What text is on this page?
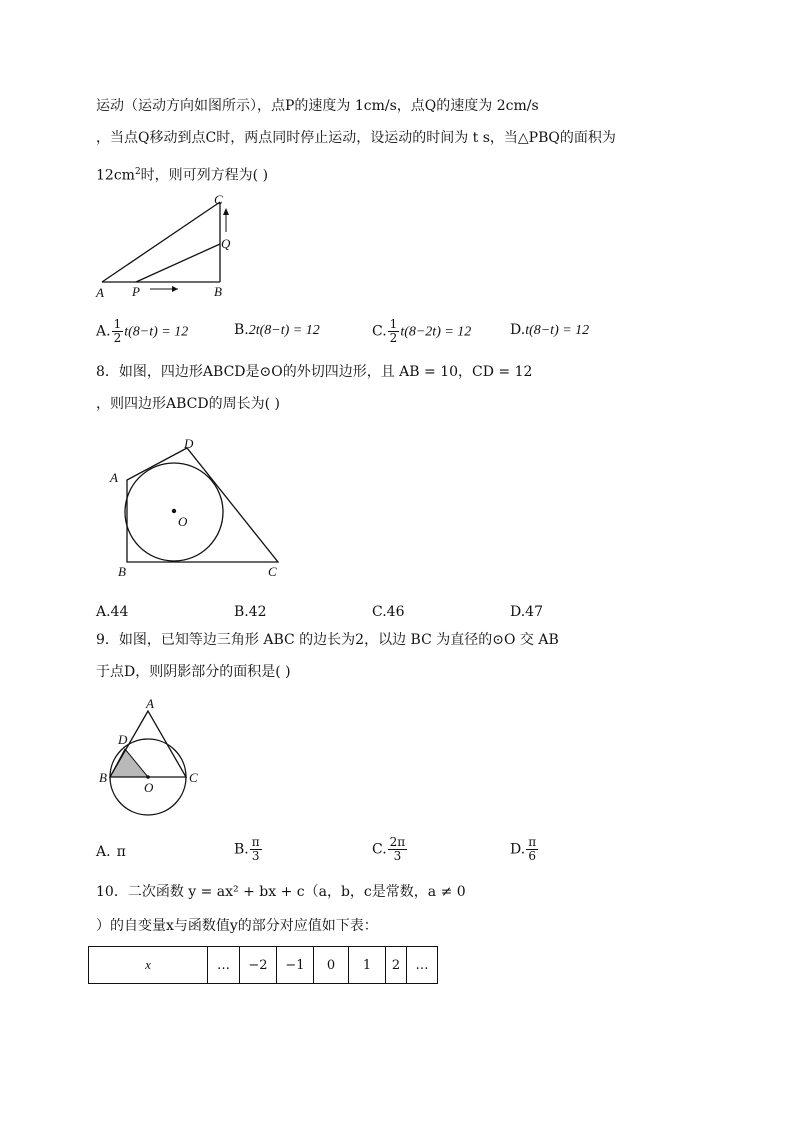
运动（运动方向如图所示），点P的速度为 1cm/s，点Q的速度为 2cm/s
，当点Q移动到点C时，两点同时停止运动，设运动的时间为 t s，当△PBQ的面积为
$12cm^2$时，则可列方程为( )
A P	B
Q
C
A. $\frac{1}{2} t(8-t) = 12$	B.2t(8−t) = 12	C. $\frac{1}{2} t(8-2t) = 12$	D.t(8−t) = 12
8．如图，四边形ABCD是⊙O的外切四边形，且 AB = 10，CD = 12
，则四边形ABCD的周长为( )
A
D
O
B	C
A.44	B.42	C.46	D.47
9．如图，已知等边三角形 ABC 的边长为2，以边 BC 为直径的⊙O 交 AB
于点D，则阴影部分的面积是( )
A
D
B
O
C
A. π	B. $\frac{\pi}{3}$	C. $\frac{2\pi}{3}$	D. $\frac{\pi}{6}$
10．二次函数 y = ax² + bx + c（a，b，c是常数，a ≠ 0
）的自变量x与函数值y的部分对应值如下表：
x	…	−2	−1	0	1	2	…
